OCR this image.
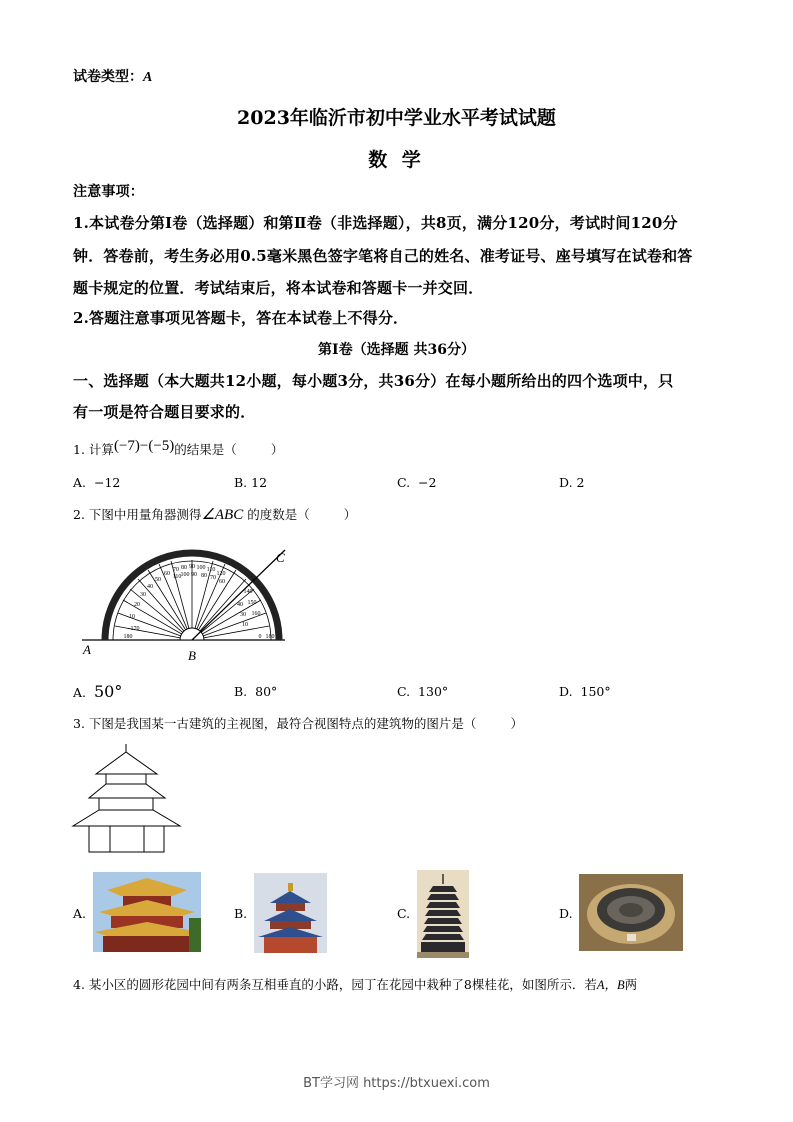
试卷类型：A
2023年临沂市初中学业水平考试试题
数 学
注意事项：
1.本试卷分第Ⅰ卷（选择题）和第Ⅱ卷（非选择题），共8页，满分120分，考试时间120分
钟．答卷前，考生务必用0.5毫米黑色签字笔将自己的姓名、准考证号、座号填写在试卷和答
题卡规定的位置．考试结束后，将本试卷和答题卡一并交回．
2.答题注意事项见答题卡，答在本试卷上不得分．
第Ⅰ卷（选择题 共36分）
一、选择题（本大题共12小题，每小题3分，共36分）在每小题所给出的四个选项中，只
有一项是符合题目要求的．
1. 计算(−7)−(−5)的结果是（	）
A. −12	B. 12	C. −2	D. 2
2. 下图中用量角器测得∠ABC 的度数是（	）
10
20
30
40
50
60
70 80 90 100 110
120
110 100 90 80 70
60
140
150
160
40
30
10
0 180
180
170
A	B
C
A. 50°	B. 80°	C. 130°	D. 150°
3. 下图是我国某一古建筑的主视图，最符合视图特点的建筑物的图片是（	）
A.	B.	C.	D.
4. 某小区的圆形花园中间有两条互相垂直的小路，园丁在花园中栽种了8棵桂花，如图所示．若A，B两
BT学习网 https://btxuexi.com
